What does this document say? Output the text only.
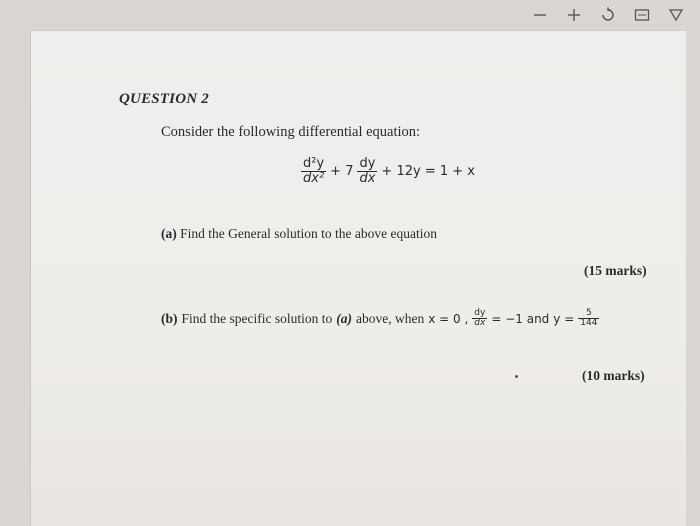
QUESTION 2
Consider the following differential equation:
$\frac{\text{d²y}}{\text{dx²}} + 7 \frac{dy}{dx} + 12y = 1 + x$
(a) Find the General solution to the above equation
(15 marks)
(b) Find the specific solution to (a) above, when x = 0 , $\frac{dy}{dx} = -1$ and $y = \frac{5}{144}$
(10 marks)
